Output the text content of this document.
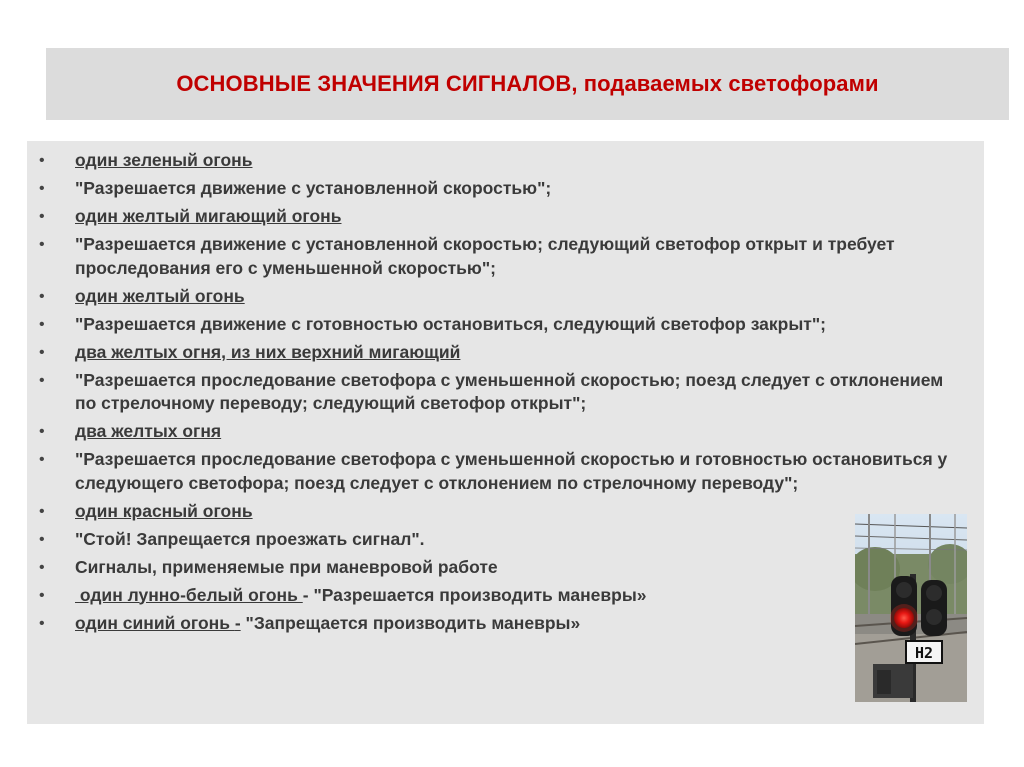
ОСНОВНЫЕ ЗНАЧЕНИЯ СИГНАЛОВ, подаваемых светофорами
• один зеленый огонь
• "Разрешается движение с установленной скоростью";
• один желтый мигающий огонь
• "Разрешается движение с установленной скоростью; следующий светофор открыт и требует проследования его с уменьшенной скоростью";
• один желтый огонь
• "Разрешается движение с готовностью остановиться, следующий светофор закрыт";
• два желтых огня, из них верхний мигающий
• "Разрешается проследование светофора с уменьшенной скоростью; поезд следует с отклонением по стрелочному переводу; следующий светофор открыт";
• два желтых огня
• "Разрешается проследование светофора с уменьшенной скоростью и готовностью остановиться у следующего светофора; поезд следует с отклонением по стрелочному переводу";
• один красный огонь
• "Стой! Запрещается проезжать сигнал".
• Сигналы, применяемые при маневровой работе
• один лунно-белый огонь - "Разрешается производить маневры»
• один синий огонь - "Запрещается производить маневры»
Н2
